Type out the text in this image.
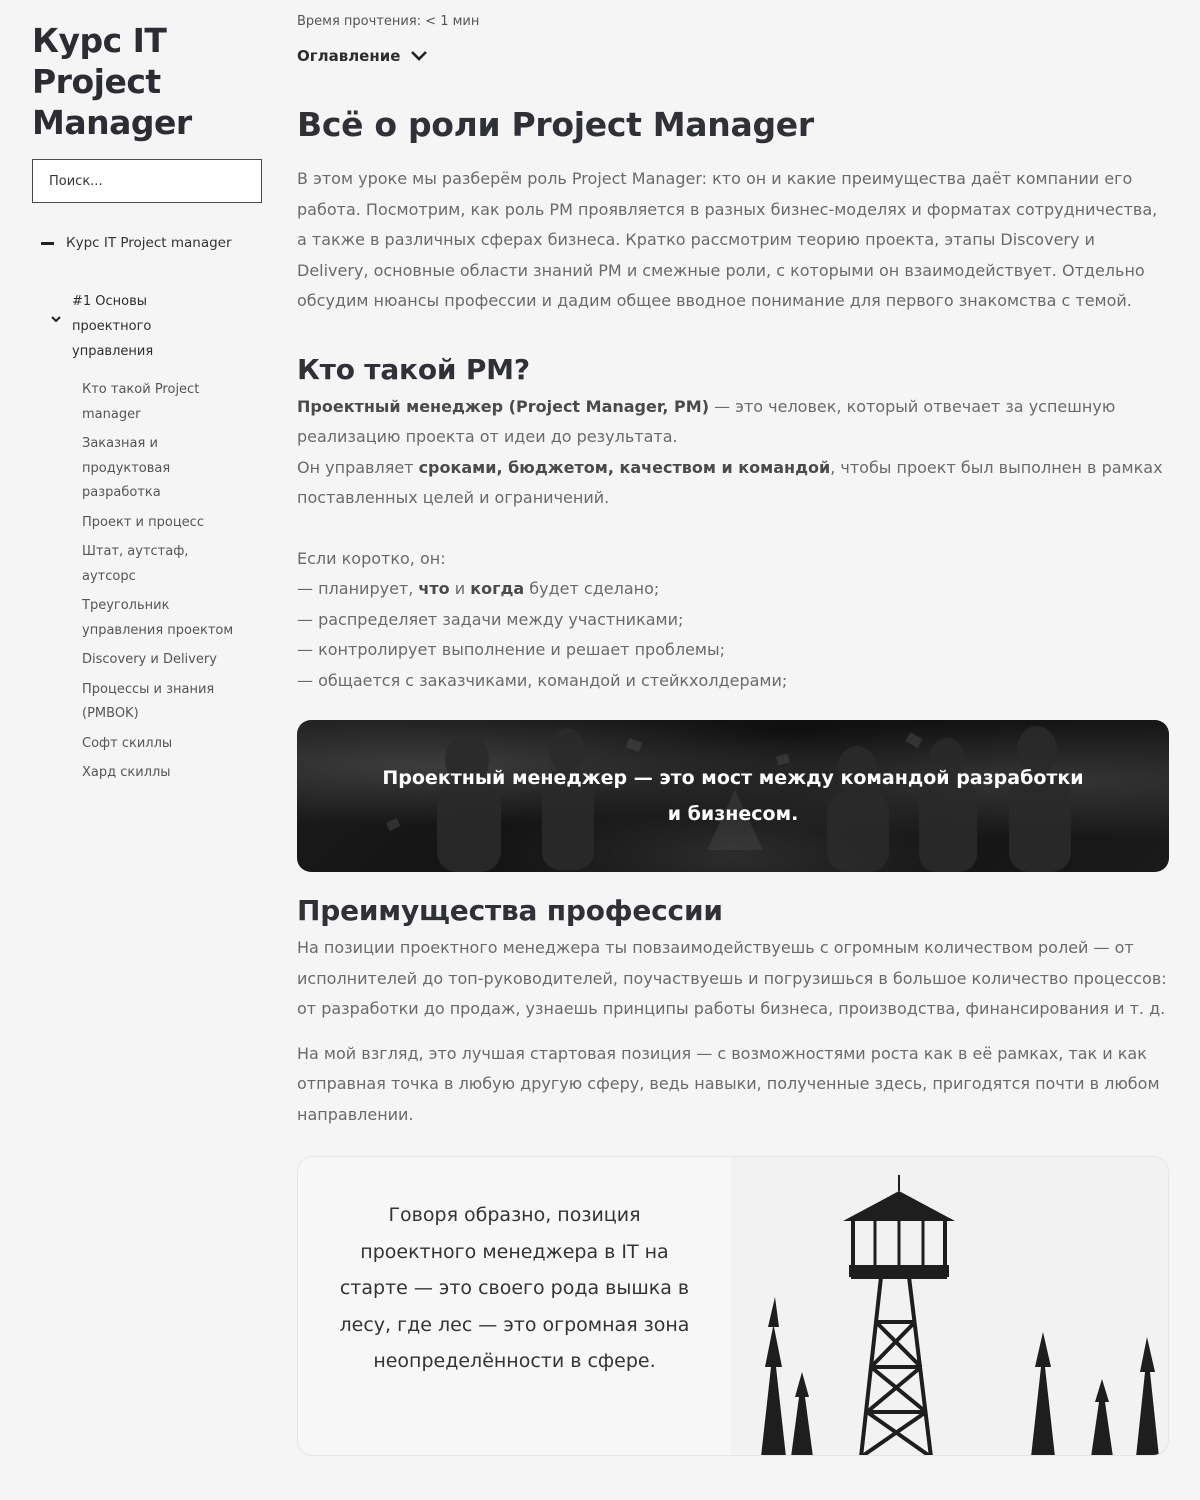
Курс IT Project Manager
Поиск...
Курс IT Project manager
#1 Основы проектного управления
Кто такой Project manager
Заказная и продуктовая разработка
Проект и процесс
Штат, аутстаф, аутсорс
Треугольник управления проектом
Discovery и Delivery
Процессы и знания (PMBOK)
Софт скиллы
Хард скиллы
Время прочтения: < 1 мин
Оглавление
Всё о роли Project Manager

В этом уроке мы разберём роль Project Manager: кто он и какие преимущества даёт компании его работа. Посмотрим, как роль PM проявляется в разных бизнес-моделях и форматах сотрудничества, а также в различных сферах бизнеса. Кратко рассмотрим теорию проекта, этапы Discovery и Delivery, основные области знаний PM и смежные роли, с которыми он взаимодействует. Отдельно обсудим нюансы профессии и дадим общее вводное понимание для первого знакомства с темой.

Кто такой PM?

Проектный менеджер (Project Manager, PM) — это человек, который отвечает за успешную реализацию проекта от идеи до результата.

Он управляет сроками, бюджетом, качеством и командой, чтобы проект был выполнен в рамках поставленных целей и ограничений.

Если коротко, он:

— планирует, что и когда будет сделано;

— распределяет задачи между участниками;

— контролирует выполнение и решает проблемы;

— общается с заказчиками, командой и стейкхолдерами;

Проектный менеджер — это мост между командой разработки и бизнесом.
Преимущества профессии

На позиции проектного менеджера ты повзаимодействуешь с огромным количеством ролей — от исполнителей до топ-руководителей, поучаствуешь и погрузишься в большое количество процессов: от разработки до продаж, узнаешь принципы работы бизнеса, производства, финансирования и т. д.

На мой взгляд, это лучшая стартовая позиция — с возможностями роста как в её рамках, так и как отправная точка в любую другую сферу, ведь навыки, полученные здесь, пригодятся почти в любом направлении.

Говоря образно, позиция проектного менеджера в IT на старте — это своего рода вышка в лесу, где лес — это огромная зона неопределённости в сфере.
